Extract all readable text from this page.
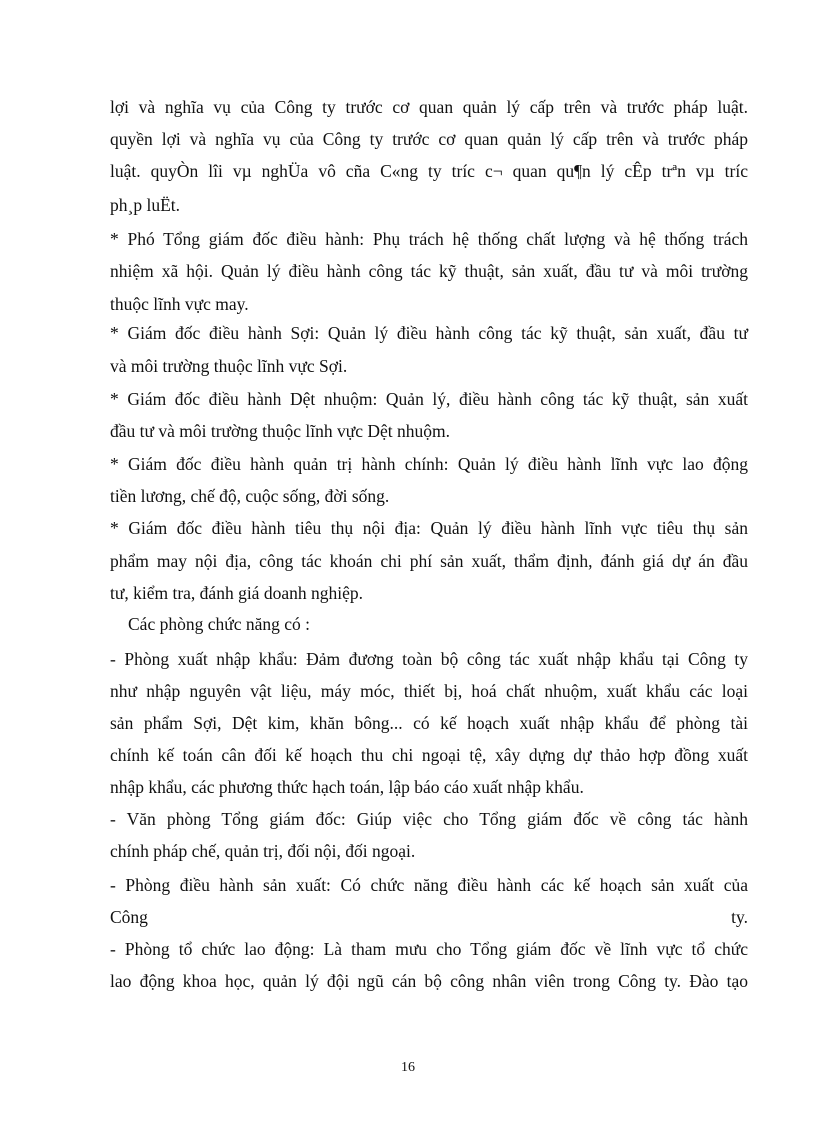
lợi và nghĩa vụ của Công ty trước cơ quan quản lý cấp trên và trước pháp luật.
quyền lợi và nghĩa vụ của Công ty trước cơ quan quản lý cấp trên và trước pháp
luật. quyÒn lîi vµ nghÜa vô cña C«ng ty tríc c¬ quan qu¶n lý cÊp trªn vµ tríc
ph¸p luËt.
* Phó Tổng giám đốc điều hành: Phụ trách hệ thống chất lượng và hệ thống trách
nhiệm xã hội. Quản lý điều hành công tác kỹ thuật, sản xuất, đầu tư và môi trường
thuộc lĩnh vực may.
* Giám đốc điều hành Sợi: Quản lý điều hành công tác kỹ thuật, sản xuất, đầu tư
và môi trường thuộc lĩnh vực Sợi.
* Giám đốc điều hành Dệt nhuộm: Quản lý, điều hành công tác kỹ thuật, sản xuất
đầu tư và môi trường thuộc lĩnh vực Dệt nhuộm.
* Giám đốc điều hành quản trị hành chính: Quản lý điều hành lĩnh vực lao động
tiền lương, chế độ, cuộc sống, đời sống.
* Giám đốc điều hành tiêu thụ nội địa: Quản lý điều hành lĩnh vực tiêu thụ sản
phẩm may nội địa, công tác khoán chi phí sản xuất, thẩm định, đánh giá dự án đầu
tư, kiểm tra, đánh giá doanh nghiệp.
Các phòng chức năng có :
- Phòng xuất nhập khẩu: Đảm đương toàn bộ công tác xuất nhập khẩu tại Công ty
như nhập nguyên vật liệu, máy móc, thiết bị, hoá chất nhuộm, xuất khẩu các loại
sản phẩm Sợi, Dệt kim, khăn bông... có kế hoạch xuất nhập khẩu để phòng tài
chính kế toán cân đối kế hoạch thu chi ngoại tệ, xây dựng dự thảo hợp đồng xuất
nhập khẩu, các phương thức hạch toán, lập báo cáo xuất nhập khẩu.
- Văn phòng Tổng giám đốc: Giúp việc cho Tổng giám đốc về công tác hành
chính pháp chế, quản trị, đối nội, đối ngoại.
- Phòng điều hành sản xuất: Có chức năng điều hành các kế hoạch sản xuất của
Công	ty.
- Phòng tổ chức lao động: Là tham mưu cho Tổng giám đốc về lĩnh vực tổ chức
lao động khoa học, quản lý đội ngũ cán bộ công nhân viên trong Công ty. Đào tạo
16
